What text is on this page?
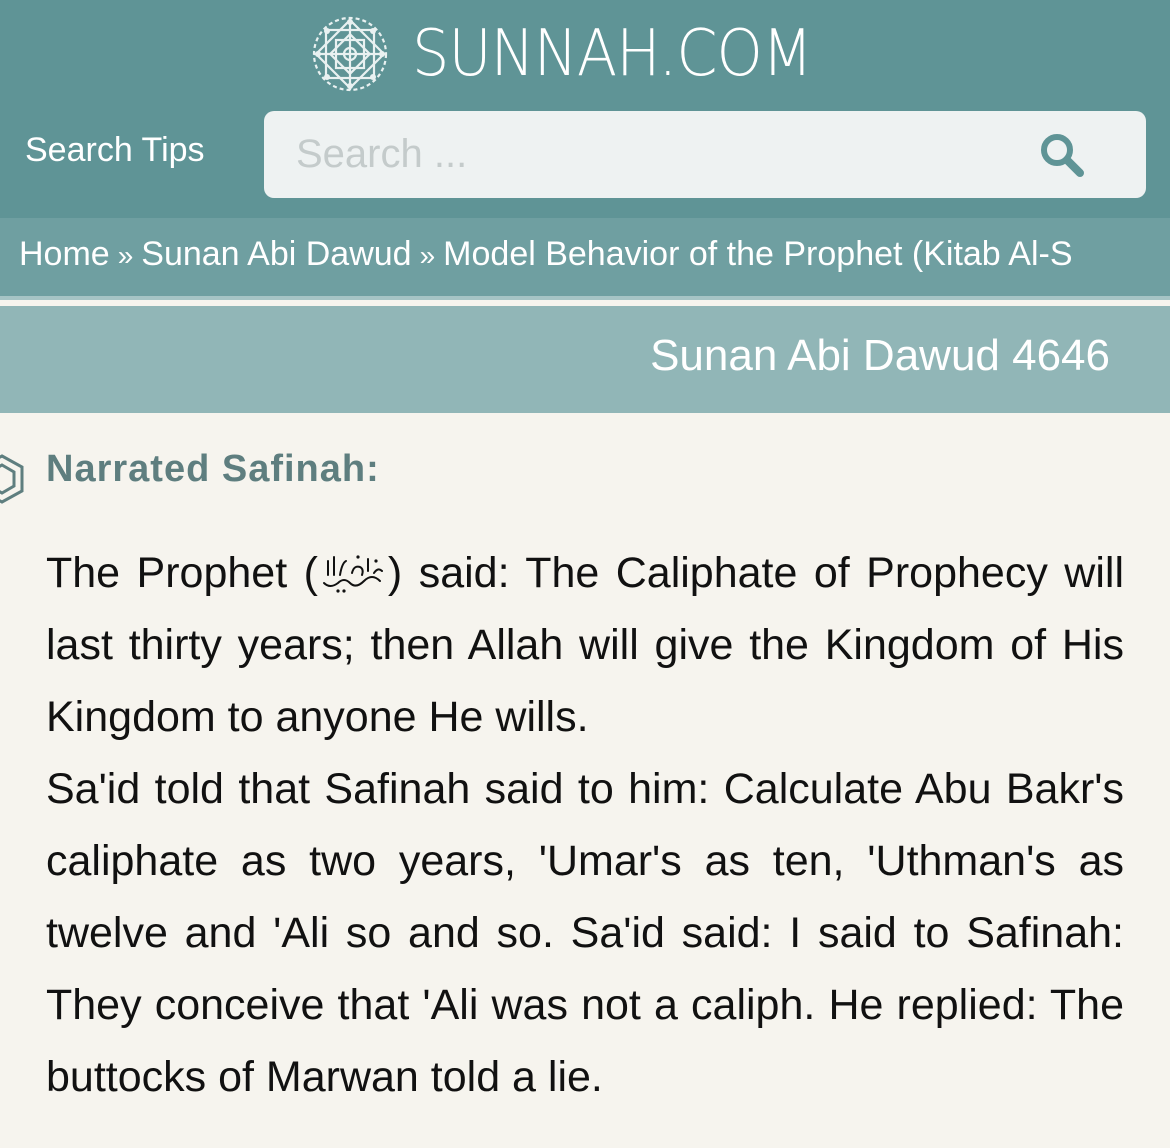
SUNNAH.COM
Search Tips
Search ...
Home » Sunan Abi Dawud » Model Behavior of the Prophet (Kitab Al-S
Sunan Abi Dawud 4646
Narrated Safinah:

The Prophet ( ) said: The Caliphate of Prophecy will last thirty years; then Allah will give the Kingdom of His Kingdom to anyone He wills.

Sa'id told that Safinah said to him: Calculate Abu Bakr's caliphate as two years, 'Umar's as ten, 'Uthman's as twelve and 'Ali so and so. Sa'id said: I said to Safinah: They conceive that 'Ali was not a caliph. He replied: The buttocks of Marwan told a lie.
